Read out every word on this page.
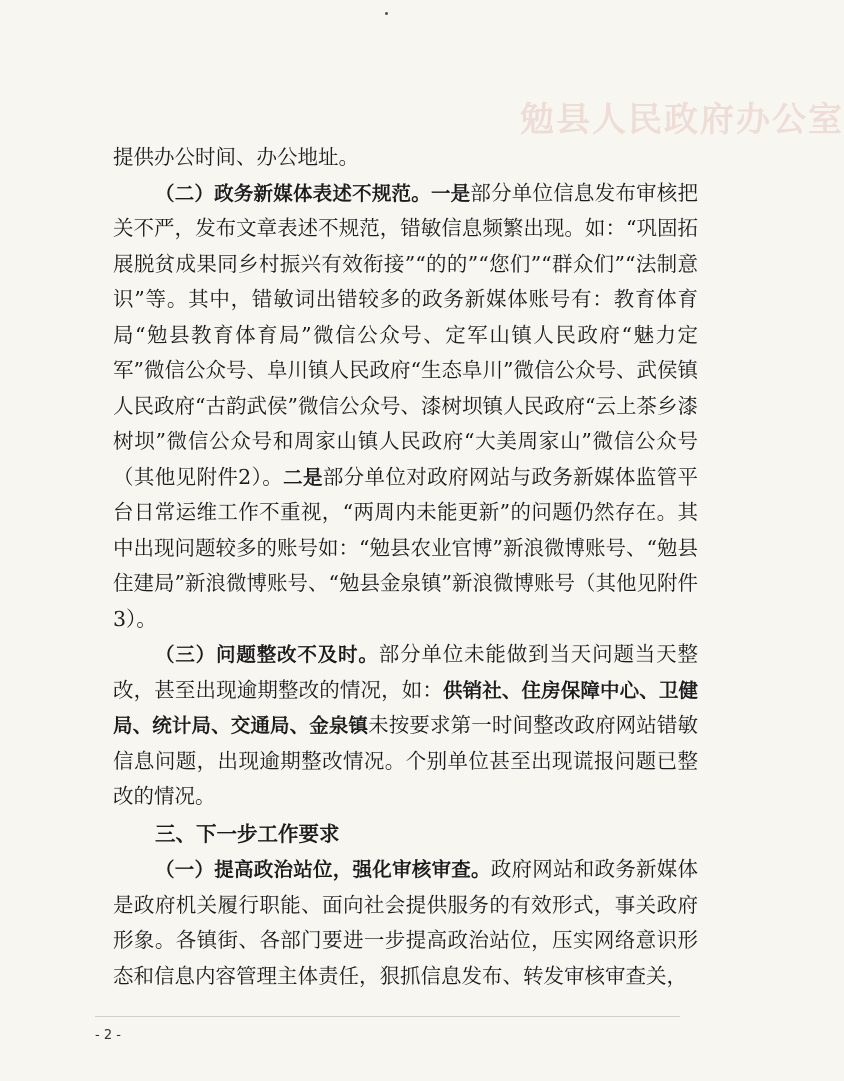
勉县人民政府办公室

提供办公时间、办公地址。

（二）政务新媒体表述不规范。一是部分单位信息发布审核把关不严，发布文章表述不规范，错敏信息频繁出现。如：“巩固拓展脱贫成果同乡村振兴有效衔接”“的的”“您们”“群众们”“法制意识”等。其中，错敏词出错较多的政务新媒体账号有：教育体育局“勉县教育体育局”微信公众号、定军山镇人民政府“魅力定军”微信公众号、阜川镇人民政府“生态阜川”微信公众号、武侯镇人民政府“古韵武侯”微信公众号、漆树坝镇人民政府“云上茶乡漆树坝”微信公众号和周家山镇人民政府“大美周家山”微信公众号（其他见附件2）。二是部分单位对政府网站与政务新媒体监管平台日常运维工作不重视，“两周内未能更新”的问题仍然存在。其中出现问题较多的账号如：“勉县农业官博”新浪微博账号、“勉县住建局”新浪微博账号、“勉县金泉镇”新浪微博账号（其他见附件3）。

（三）问题整改不及时。部分单位未能做到当天问题当天整改，甚至出现逾期整改的情况，如：供销社、住房保障中心、卫健局、统计局、交通局、金泉镇未按要求第一时间整改政府网站错敏信息问题，出现逾期整改情况。个别单位甚至出现谎报问题已整改的情况。

三、下一步工作要求

（一）提高政治站位，强化审核审查。政府网站和政务新媒体是政府机关履行职能、面向社会提供服务的有效形式，事关政府形象。各镇街、各部门要进一步提高政治站位，压实网络意识形态和信息内容管理主体责任，狠抓信息发布、转发审核审查关，

- 2 -
